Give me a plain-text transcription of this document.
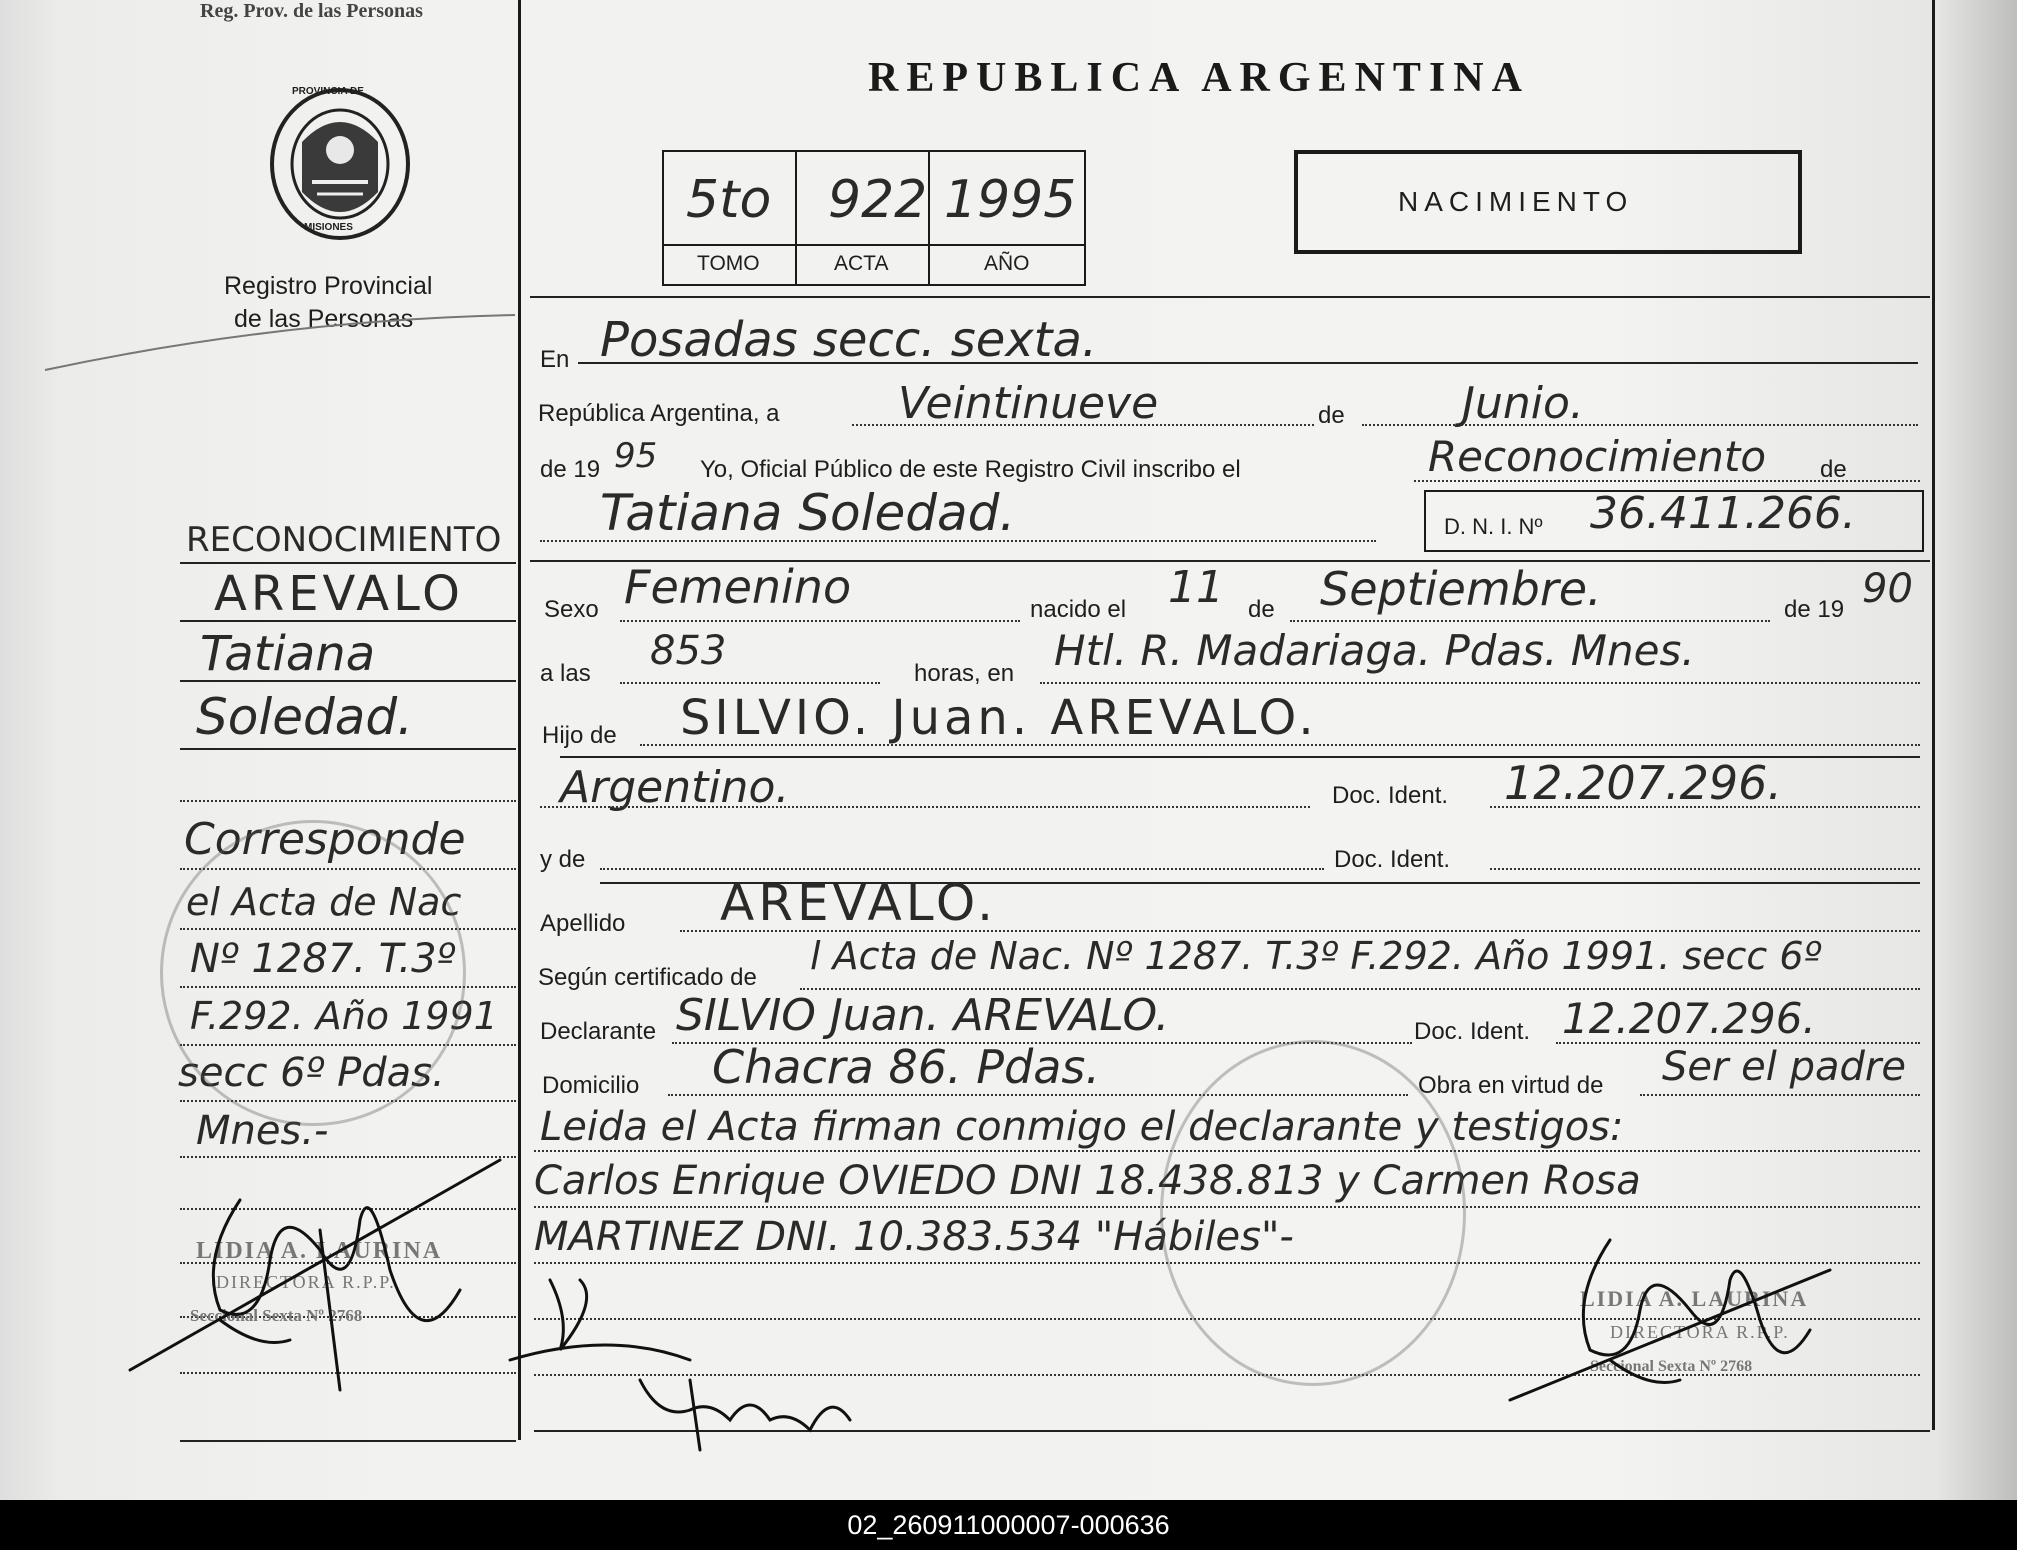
Reg. Prov. de las Personas
PROVINCIA DE
MISIONES
Registro Provincial
de las Personas
REPUBLICA ARGENTINA
5to 922 1995
TOMO	ACTA	AÑO
NACIMIENTO
En Posadas secc. sexta.
República Argentina, a	Veintinueve	de	Junio.
de 19 95 Yo, Oficial Público de este Registro Civil inscribo el	Reconocimiento de
Tatiana Soledad.	D. N. I. Nº 36.411.266.
Sexo Femenino	nacido el 11 de Septiembre.	de 19 90
a las 853	horas, en Htl. R. Madariaga. Pdas. Mnes.
Hijo de SILVIO. Juan. AREVALO.
Argentino.	Doc. Ident. 12.207.296.
y de	Doc. Ident.
Apellido AREVALO.
Según certificado de l Acta de Nac. Nº 1287. T.3º F.292. Año 1991. secc 6º
Declarante SILVIO Juan. AREVALO.	Doc. Ident. 12.207.296.
Domicilio Chacra 86. Pdas.	Obra en virtud de Ser el padre
Leida el Acta firman conmigo el declarante y testigos:
Carlos Enrique OVIEDO DNI 18.438.813 y Carmen Rosa
MARTINEZ DNI. 10.383.534 "Hábiles"-
RECONOCIMIENTO
AREVALO
Tatiana
Soledad.
Corresponde
el Acta de Nac
Nº 1287. T.3º
F.292. Año 1991
secc 6º Pdas.
Mnes.-
LIDIA A. LAURINA
DIRECTORA R.P.P.
Seccional Sexta Nº 2768
LIDIA A. LAURINA
DIRECTORA R.P.P.
Seccional Sexta Nº 2768
02_260911000007-000636
